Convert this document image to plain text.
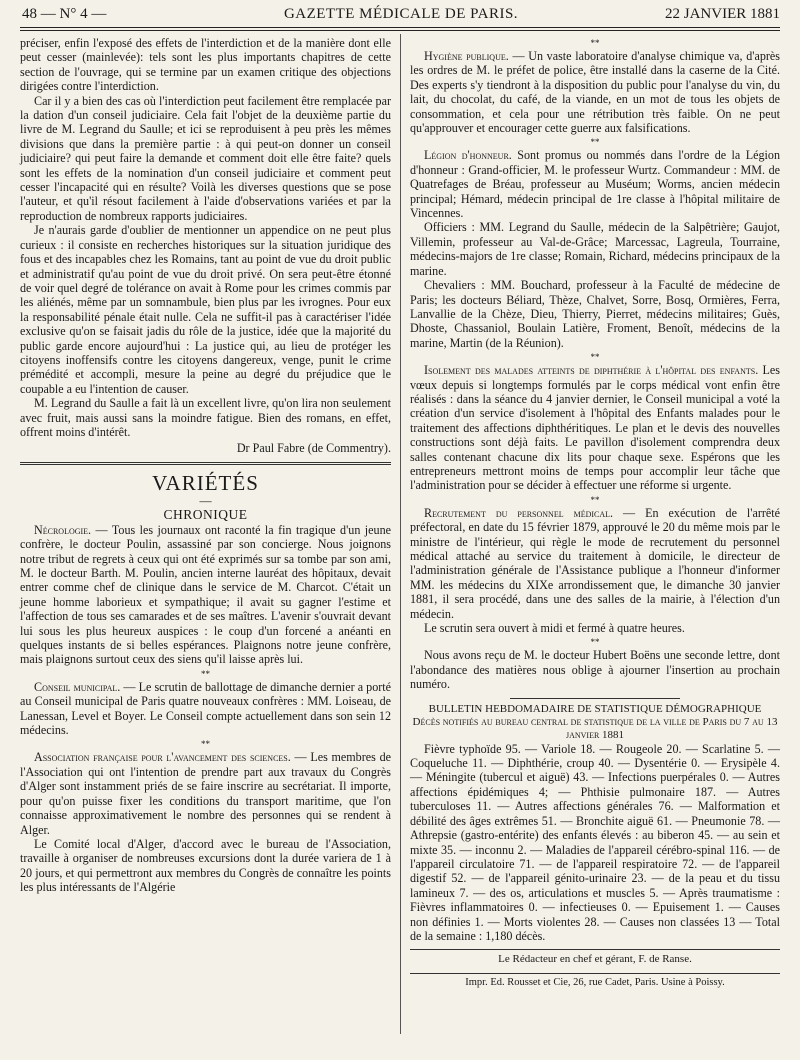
48 — N° 4 —	GAZETTE MÉDICALE DE PARIS.	22 JANVIER 1881

préciser, enfin l'exposé des effets de l'interdiction et de la manière dont elle peut cesser (mainlevée): tels sont les plus importants chapitres de cette section de l'ouvrage, qui se termine par un examen critique des objections dirigées contre l'interdiction.

Car il y a bien des cas où l'interdiction peut facilement être remplacée par la dation d'un conseil judiciaire. Cela fait l'objet de la deuxième partie du livre de M. Legrand du Saulle; et ici se reproduisent à peu près les mêmes divisions que dans la première partie : à qui peut-on donner un conseil judiciaire? qui peut faire la demande et comment doit elle être faite? quels sont les effets de la nomination d'un conseil judiciaire et comment peut cesser l'incapacité qui en résulte? Voilà les diverses questions que se pose l'auteur, et qu'il résout facilement à l'aide d'observations variées et par la reproduction de nombreux rapports judiciaires.

Je n'aurais garde d'oublier de mentionner un appendice on ne peut plus curieux : il consiste en recherches historiques sur la situation juridique des fous et des incapables chez les Romains, tant au point de vue du droit public et administratif qu'au point de vue du droit privé. On sera peut-être étonné de voir quel degré de tolérance on avait à Rome pour les crimes commis par les aliénés, même par un somnambule, bien plus par les ivrognes. Pour eux la responsabilité pénale était nulle. Cela ne suffit-il pas à caractériser l'idée exclusive qu'on se faisait jadis du rôle de la justice, idée que la majorité du public garde encore aujourd'hui : La justice qui, au lieu de protéger les citoyens inoffensifs contre les citoyens dangereux, venge, punit le crime prémédité et accompli, mesure la peine au degré du préjudice que le coupable a eu l'intention de causer.

M. Legrand du Saulle a fait là un excellent livre, qu'on lira non seulement avec fruit, mais aussi sans la moindre fatigue. Bien des romans, en effet, offrent moins d'intérêt.

Dr Paul Fabre (de Commentry).
VARIÉTÉS
—
CHRONIQUE

Nécrologie. — Tous les journaux ont raconté la fin tragique d'un jeune confrère, le docteur Poulin, assassiné par son concierge. Nous joignons notre tribut de regrets à ceux qui ont été exprimés sur sa tombe par son ami, M. le docteur Barth. M. Poulin, ancien interne lauréat des hôpitaux, devait entrer comme chef de clinique dans le service de M. Charcot. C'était un jeune homme laborieux et sympathique; il avait su gagner l'estime et l'affection de tous ses camarades et de ses maîtres. L'avenir s'ouvrait devant lui sous les plus heureux auspices : le coup d'un forcené a anéanti en quelques instants de si belles espérances. Plaignons notre jeune confrère, mais plaignons surtout ceux des siens qu'il laisse après lui.

**

Conseil municipal. — Le scrutin de ballottage de dimanche dernier a porté au Conseil municipal de Paris quatre nouveaux confrères : MM. Loiseau, de Lanessan, Level et Boyer. Le Conseil compte actuellement dans son sein 12 médecins.

**

Association française pour l'avancement des sciences. — Les membres de l'Association qui ont l'intention de prendre part aux travaux du Congrès d'Alger sont instamment priés de se faire inscrire au secrétariat. Il importe, pour qu'on puisse fixer les conditions du transport maritime, que l'on connaisse approximativement le nombre des personnes qui se rendent à Alger.

Le Comité local d'Alger, d'accord avec le bureau de l'Association, travaille à organiser de nombreuses excursions dont la durée variera de 1 à 20 jours, et qui permettront aux membres du Congrès de connaître les points les plus intéressants de l'Algérie

**

Hygiène publique. — Un vaste laboratoire d'analyse chimique va, d'après les ordres de M. le préfet de police, être installé dans la caserne de la Cité. Des experts s'y tiendront à la disposition du public pour l'analyse du vin, du lait, du chocolat, du café, de la viande, en un mot de tous les objets de consommation, et cela pour une rétribution très faible. On ne peut qu'approuver et encourager cette guerre aux falsifications.

**

Légion d'honneur. Sont promus ou nommés dans l'ordre de la Légion d'honneur : Grand-officier, M. le professeur Wurtz. Commandeur : MM. de Quatrefages de Bréau, professeur au Muséum; Worms, ancien médecin principal; Hémard, médecin principal de 1re classe à l'hôpital militaire de Vincennes.

Officiers : MM. Legrand du Saulle, médecin de la Salpêtrière; Gaujot, Villemin, professeur au Val-de-Grâce; Marcessac, Lagreula, Tourraine, médecins-majors de 1re classe; Romain, Richard, médecins principaux de la marine.

Chevaliers : MM. Bouchard, professeur à la Faculté de médecine de Paris; les docteurs Béliard, Thèze, Chalvet, Sorre, Bosq, Ormières, Ferra, Lanvallie de la Chèze, Dieu, Thierry, Pierret, médecins militaires; Guès, Dhoste, Chassaniol, Boulain Latière, Froment, Benoît, médecins de la marine, Martin (de la Réunion).

**

Isolement des malades atteints de diphthérie à l'hôpital des enfants. Les vœux depuis si longtemps formulés par le corps médical vont enfin être réalisés : dans la séance du 4 janvier dernier, le Conseil municipal a voté la création d'un service d'isolement à l'hôpital des Enfants malades pour le traitement des affections diphthéritiques. Le plan et le devis des nouvelles constructions sont déjà faits. Le pavillon d'isolement comprendra deux salles contenant chacune dix lits pour chaque sexe. Espérons que les entrepreneurs mettront moins de temps pour accomplir leur tâche que l'administration pour se décider à effectuer une réforme si urgente.

**

Recrutement du personnel médical. — En exécution de l'arrêté préfectoral, en date du 15 février 1879, approuvé le 20 du même mois par le ministre de l'intérieur, qui règle le mode de recrutement du personnel médical attaché au service du traitement à domicile, le directeur de l'administration générale de l'Assistance publique a l'honneur d'informer MM. les médecins du XIXe arrondissement que, le dimanche 30 janvier 1881, il sera procédé, dans une des salles de la mairie, à l'élection d'un médecin.

Le scrutin sera ouvert à midi et fermé à quatre heures.

**

Nous avons reçu de M. le docteur Hubert Boëns une seconde lettre, dont l'abondance des matières nous oblige à ajourner l'insertion au prochain numéro.

BULLETIN HEBDOMADAIRE DE STATISTIQUE DÉMOGRAPHIQUE
Décès notifiés au bureau central de statistique de la ville de Paris du 7 au 13 janvier 1881

Fièvre typhoïde 95. — Variole 18. — Rougeole 20. — Scarlatine 5. — Coqueluche 11. — Diphthérie, croup 40. — Dysentérie 0. — Erysipèle 4. — Méningite (tubercul et aiguë) 43. — Infections puerpérales 0. — Autres affections épidémiques 4; — Phthisie pulmonaire 187. — Autres tuberculoses 11. — Autres affections générales 76. — Malformation et débilité des âges extrêmes 51. — Bronchite aiguë 61. — Pneumonie 78. — Athrepsie (gastro-entérite) des enfants élevés : au biberon 45. — au sein et mixte 35. — inconnu 2. — Maladies de l'appareil cérébro-spinal 116. — de l'appareil circulatoire 71. — de l'appareil respiratoire 72. — de l'appareil digestif 52. — de l'appareil génito-urinaire 23. — de la peau et du tissu lamineux 7. — des os, articulations et muscles 5. — Après traumatisme : Fièvres inflammatoires 0. — infectieuses 0. — Epuisement 1. — Causes non définies 1. — Morts violentes 28. — Causes non classées 13 — Total de la semaine : 1,180 décès.

Le Rédacteur en chef et gérant, F. de Ranse.
Impr. Ed. Rousset et Cie, 26, rue Cadet, Paris. Usine à Poissy.
